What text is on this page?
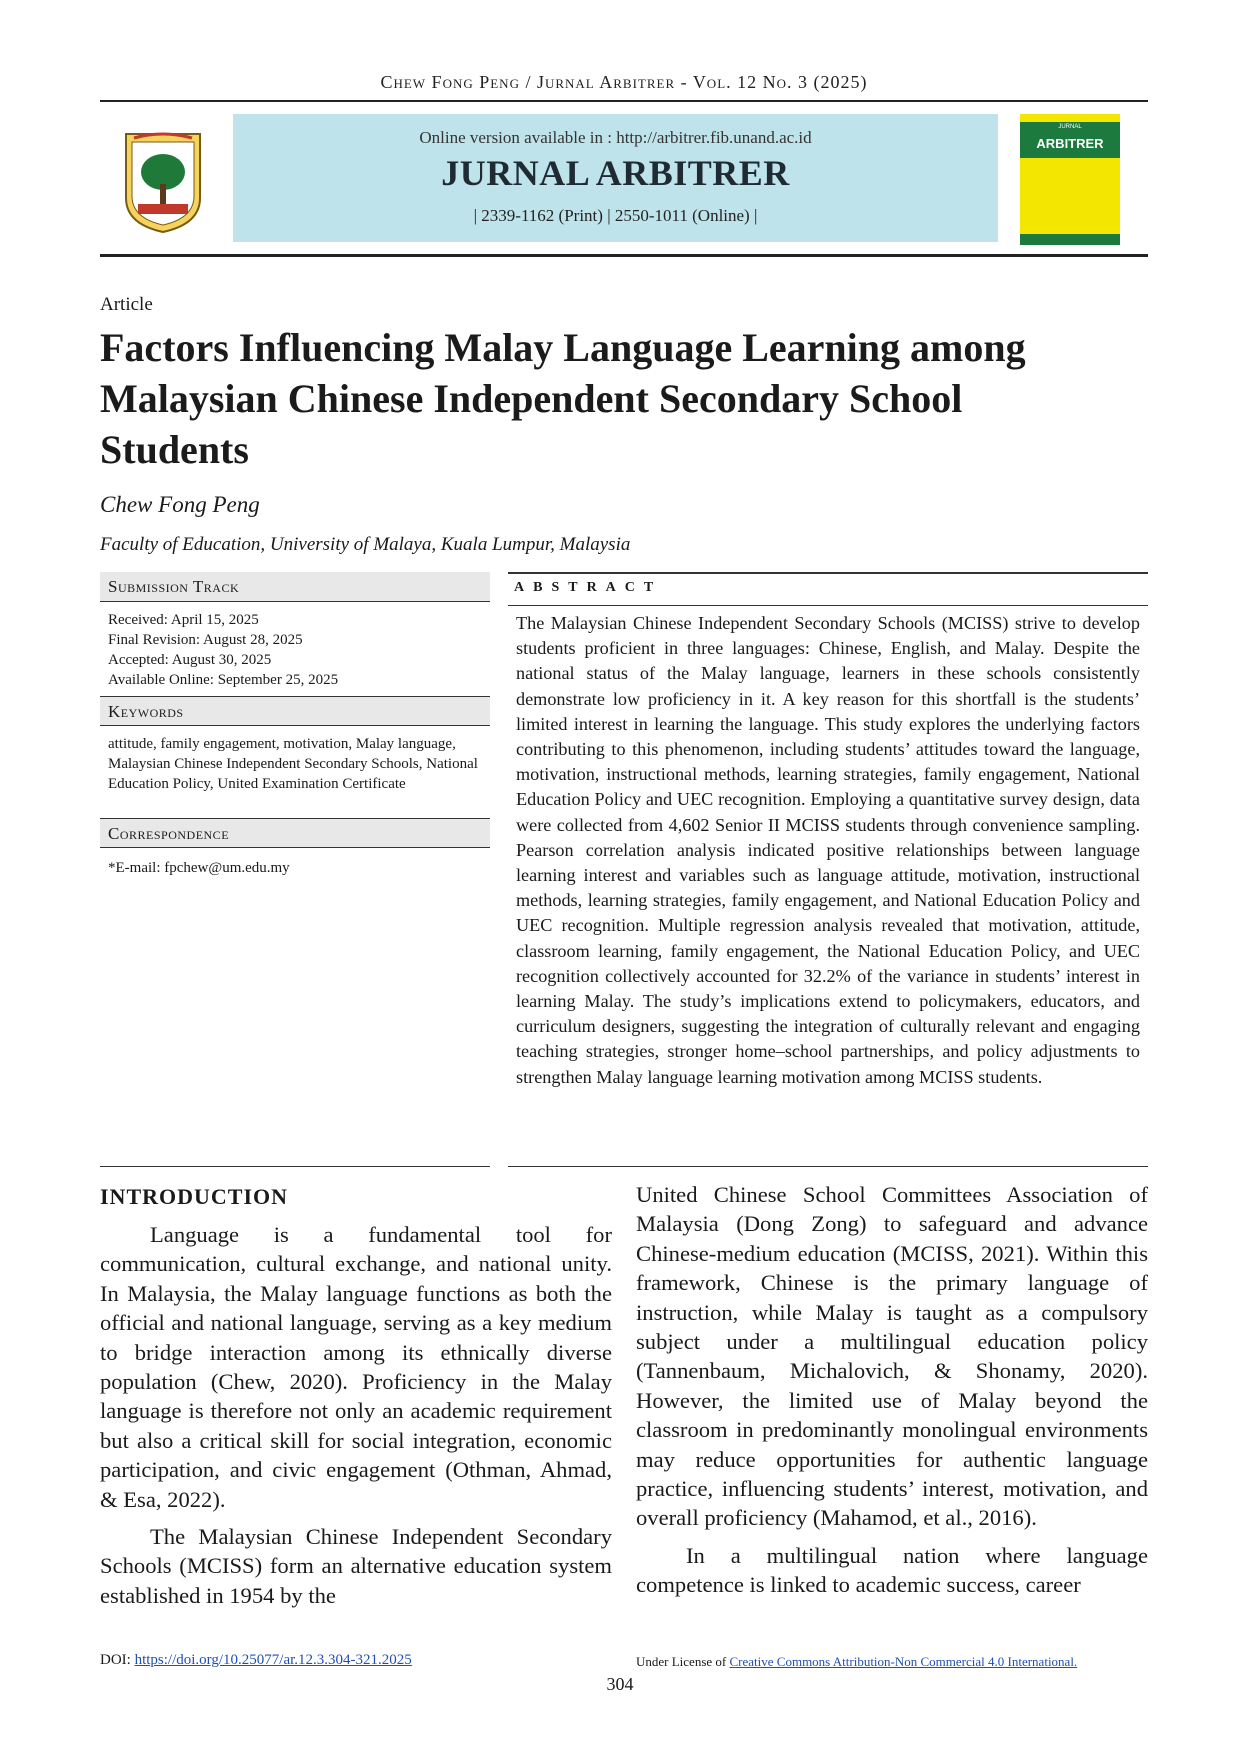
Chew Fong Peng / Jurnal Arbitrer - Vol. 12 No. 3 (2025)
Online version available in : http://arbitrer.fib.unand.ac.id
JURNAL ARBITRER
| 2339-1162 (Print) | 2550-1011 (Online) |
JURNAL
ARBITRER
Article
Factors Influencing Malay Language Learning among Malaysian Chinese Independent Secondary School Students
Chew Fong Peng
Faculty of Education, University of Malaya, Kuala Lumpur, Malaysia
Submission Track
Received: April 15, 2025
Final Revision: August 28, 2025
Accepted: August 30, 2025
Available Online: September 25, 2025
Keywords
attitude, family engagement, motivation, Malay language, Malaysian Chinese Independent Secondary Schools, National Education Policy, United Examination Certificate
Correspondence
*E-mail: fpchew@um.edu.my
ABSTRACT
The Malaysian Chinese Independent Secondary Schools (MCISS) strive to develop students proficient in three languages: Chinese, English, and Malay. Despite the national status of the Malay language, learners in these schools consistently demonstrate low proficiency in it. A key reason for this shortfall is the students’ limited interest in learning the language. This study explores the underlying factors contributing to this phenomenon, including students’ attitudes toward the language, motivation, instructional methods, learning strategies, family engagement, National Education Policy and UEC recognition. Employing a quantitative survey design, data were collected from 4,602 Senior II MCISS students through convenience sampling. Pearson correlation analysis indicated positive relationships between language learning interest and variables such as language attitude, motivation, instructional methods, learning strategies, family engagement, and National Education Policy and UEC recognition. Multiple regression analysis revealed that motivation, attitude, classroom learning, family engagement, the National Education Policy, and UEC recognition collectively accounted for 32.2% of the variance in students’ interest in learning Malay. The study’s implications extend to policymakers, educators, and curriculum designers, suggesting the integration of culturally relevant and engaging teaching strategies, stronger home–school partnerships, and policy adjustments to strengthen Malay language learning motivation among MCISS students.
INTRODUCTION

Language is a fundamental tool for communication, cultural exchange, and national unity. In Malaysia, the Malay language functions as both the official and national language, serving as a key medium to bridge interaction among its ethnically diverse population (Chew, 2020). Proficiency in the Malay language is therefore not only an academic requirement but also a critical skill for social integration, economic participation, and civic engagement (Othman, Ahmad, & Esa, 2022).

The Malaysian Chinese Independent Secondary Schools (MCISS) form an alternative education system established in 1954 by the

United Chinese School Committees Association of Malaysia (Dong Zong) to safeguard and advance Chinese-medium education (MCISS, 2021). Within this framework, Chinese is the primary language of instruction, while Malay is taught as a compulsory subject under a multilingual education policy (Tannenbaum, Michalovich, & Shonamy, 2020). However, the limited use of Malay beyond the classroom in predominantly monolingual environments may reduce opportunities for authentic language practice, influencing students’ interest, motivation, and overall proficiency (Mahamod, et al., 2016).

In a multilingual nation where language competence is linked to academic success, career

DOI: https://doi.org/10.25077/ar.12.3.304-321.2025	Under License of Creative Commons Attribution-Non Commercial 4.0 International.
304
